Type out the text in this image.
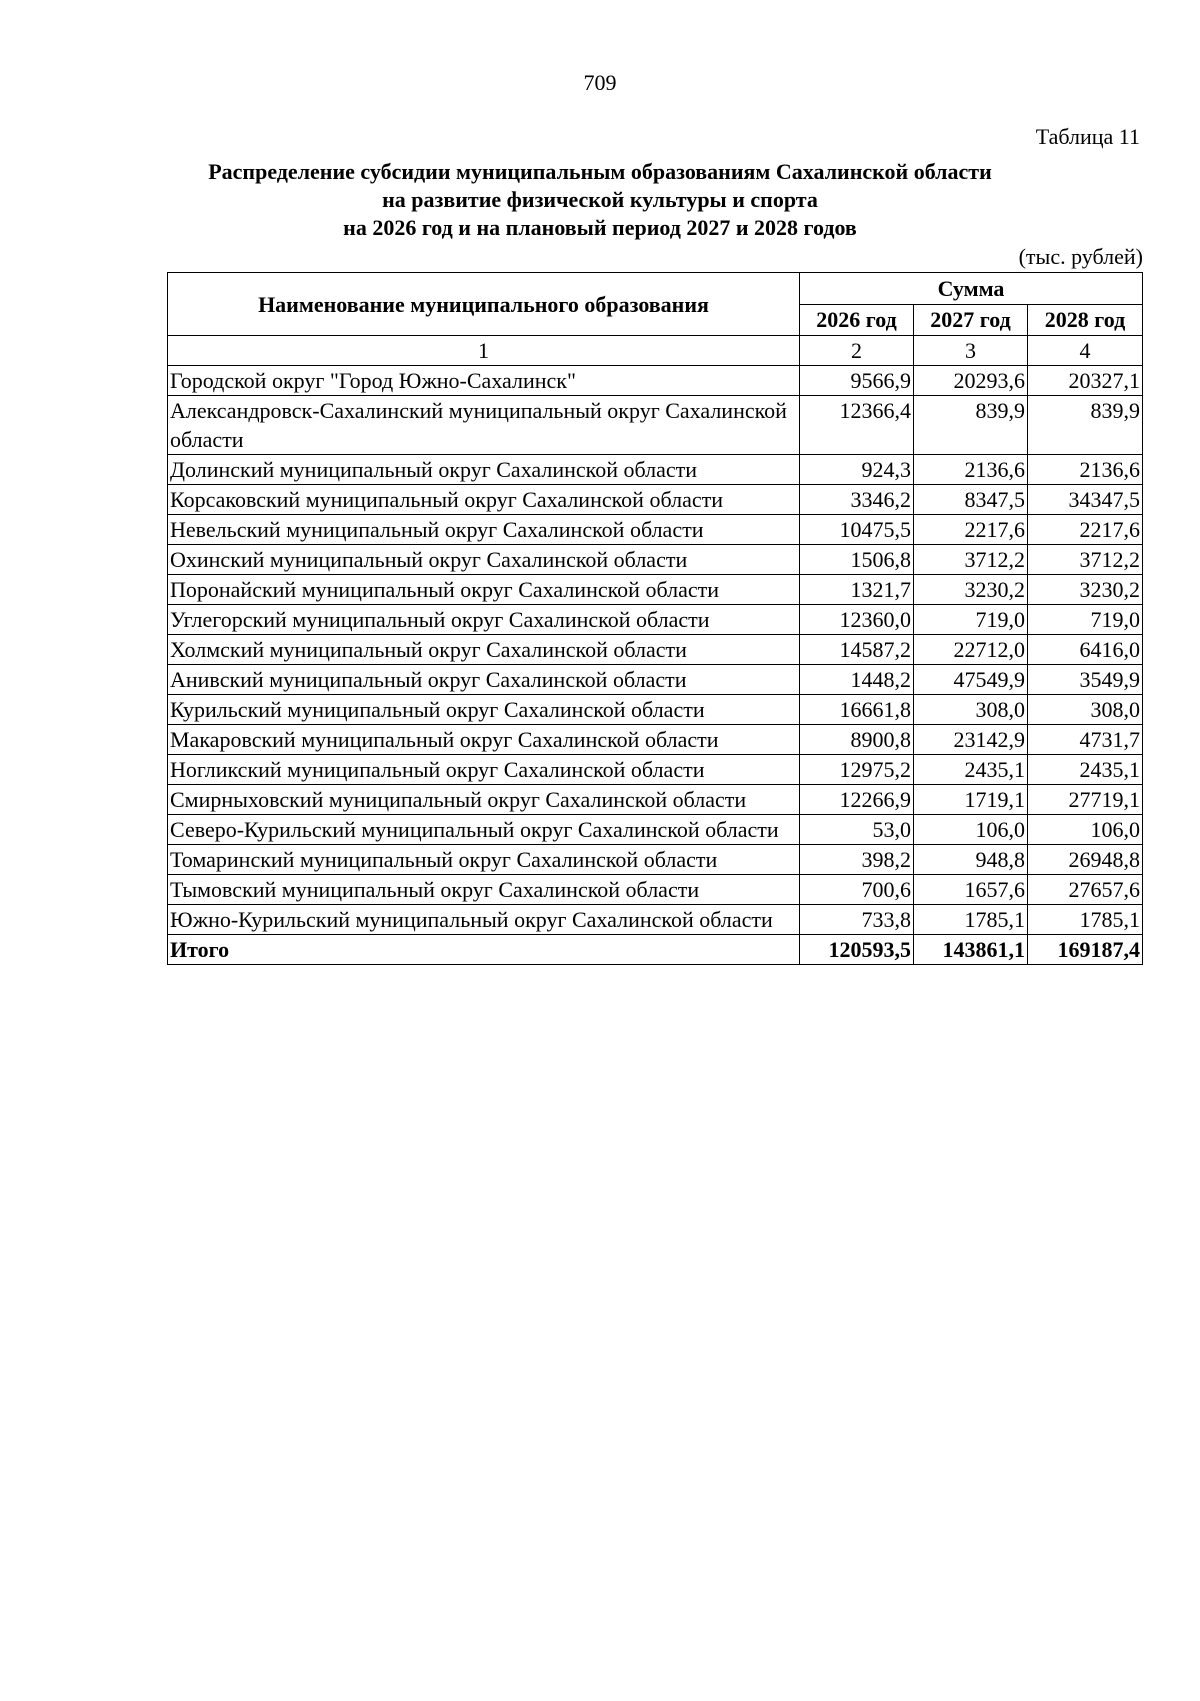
709
Таблица 11
Распределение субсидии муниципальным образованиям Сахалинской области
на развитие физической культуры и спорта
на 2026 год и на плановый период 2027 и 2028 годов
(тыс. рублей)
Наименование муниципального образования	Сумма		
	2026 год	2027 год	2028 год
1	2	3	4
Городской округ "Город Южно-Сахалинск"	9566,9	20293,6	20327,1
Александровск-Сахалинский муниципальный округ Сахалинской области	12366,4	839,9	839,9
Долинский муниципальный округ Сахалинской области	924,3	2136,6	2136,6
Корсаковский муниципальный округ Сахалинской области	3346,2	8347,5	34347,5
Невельский муниципальный округ Сахалинской области	10475,5	2217,6	2217,6
Охинский муниципальный округ Сахалинской области	1506,8	3712,2	3712,2
Поронайский муниципальный округ Сахалинской области	1321,7	3230,2	3230,2
Углегорский муниципальный округ Сахалинской области	12360,0	719,0	719,0
Холмский муниципальный округ Сахалинской области	14587,2	22712,0	6416,0
Анивский муниципальный округ Сахалинской области	1448,2	47549,9	3549,9
Курильский муниципальный округ Сахалинской области	16661,8	308,0	308,0
Макаровский муниципальный округ Сахалинской области	8900,8	23142,9	4731,7
Ногликский муниципальный округ Сахалинской области	12975,2	2435,1	2435,1
Смирныховский муниципальный округ Сахалинской области	12266,9	1719,1	27719,1
Северо-Курильский муниципальный округ Сахалинской области	53,0	106,0	106,0
Томаринский муниципальный округ Сахалинской области	398,2	948,8	26948,8
Тымовский муниципальный округ Сахалинской области	700,6	1657,6	27657,6
Южно-Курильский муниципальный округ Сахалинской области	733,8	1785,1	1785,1
Итого	120593,5	143861,1	169187,4
